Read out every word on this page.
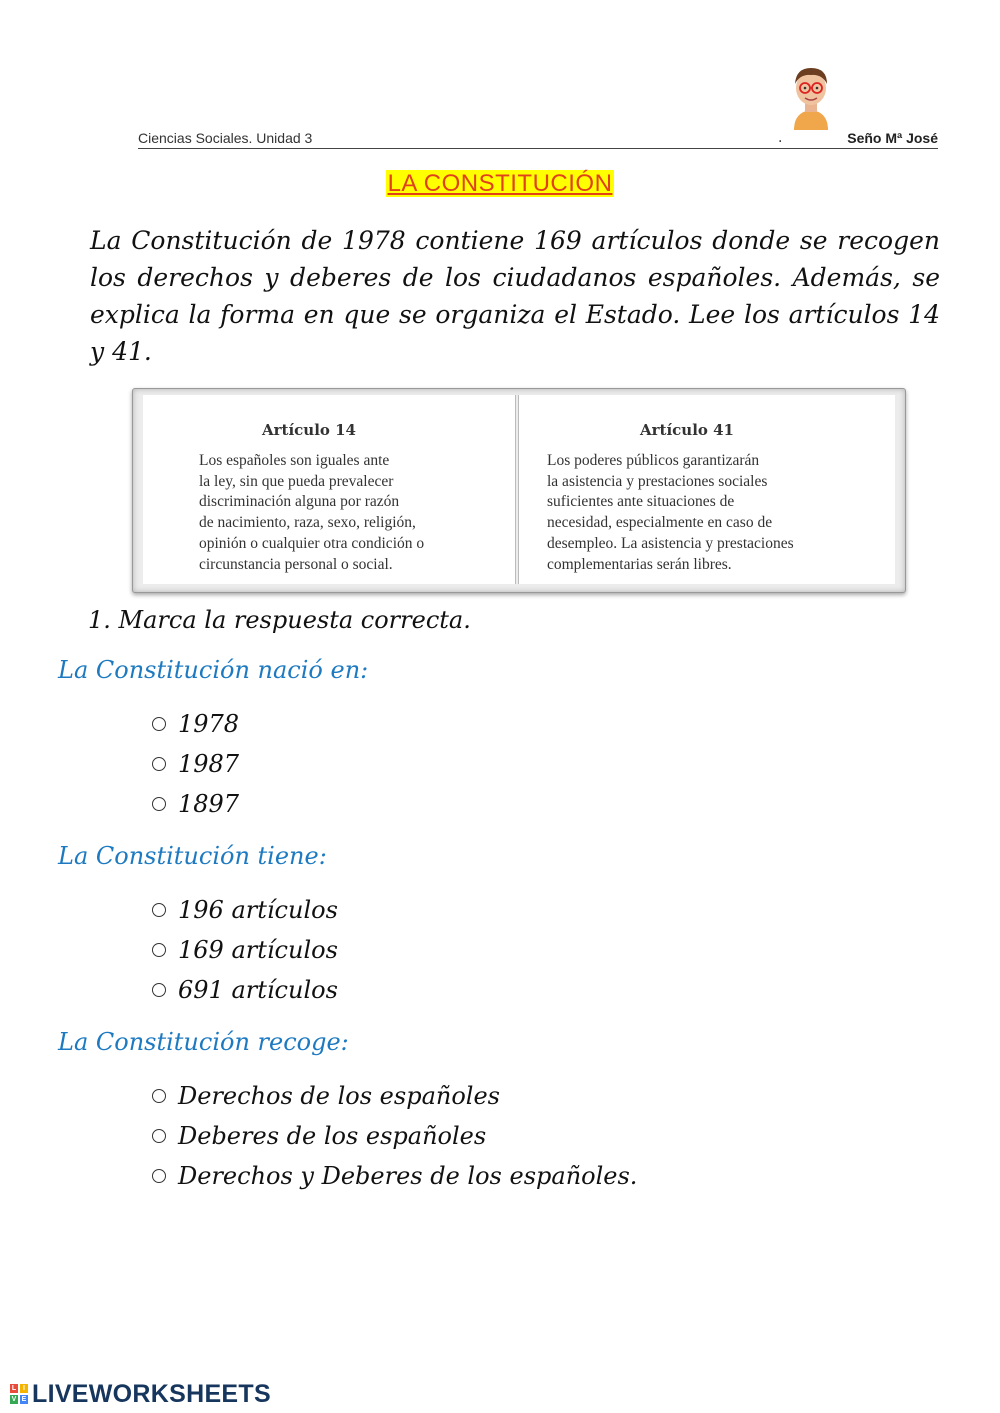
Ciencias Sociales. Unidad 3	.	Seño Mª José
LA CONSTITUCIÓN
La Constitución de 1978 contiene 169 artículos donde se recogen los derechos y deberes de los ciudadanos españoles. Además, se explica la forma en que se organiza el Estado. Lee los artículos 14 y 41.
Artículo 14
Los españoles son iguales ante
la ley, sin que pueda prevalecer
discriminación alguna por razón
de nacimiento, raza, sexo, religión,
opinión o cualquier otra condición o
circunstancia personal o social.
Artículo 41
Los poderes públicos garantizarán
la asistencia y prestaciones sociales
suficientes ante situaciones de
necesidad, especialmente en caso de
desempleo. La asistencia y prestaciones
complementarias serán libres.
1. Marca la respuesta correcta.
La Constitución nació en:
1978
1987
1897
La Constitución tiene:
196 artículos
169 artículos
691 artículos
La Constitución recoge:
Derechos de los españoles
Deberes de los españoles
Derechos y Deberes de los españoles.
L I
V E LIVEWORKSHEETS
